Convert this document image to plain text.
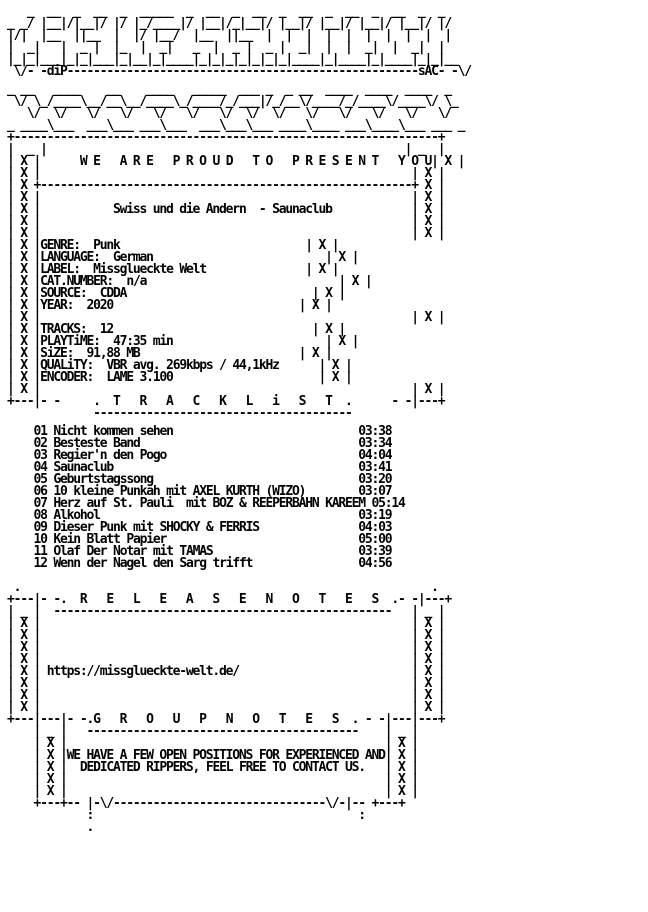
_  __  _  __  _  _____  _  __  _  __  _  __  _  __  _  __  _  _
_ _/ |__|/|__|/ |/ |_/____|/ |__|/_|__|/ |__|/ |__|/ |__|/ |__|/ |/
|/|  |__  ||__  |  |/ |__/  |__  ||__  |  |  |  |  |  |  |  |  |  |
|  _|   |  _ |  |_  |  _|   _  |  _ |  _ |  _|  |  |  _|  |  _|  |
|_|_|___|_|_|___|_|__|_|____|_|_|_|_|_|_|_|____|_|____|_|____|_|_|__
\/- -diP-----------------------------------------------------sAC- -\/
_ __   ____    __    ____   _____  ___ _  _ __  ____  ____  ____  _
\/ \_/____\__/__\__/____\_/____/_/___|/_/__\/____/_/____\/____\/ \_
\/  \/   \/   \/   \/   \/   \/  \/  \/   \/   \/   \/   \/   \/
_ ____\___  ___\___ ___\___  ___\___\___ ____\____ ___\____\___ ___ _
+----------------------------------------------------------------+
|  _ |                                                      | _  |
| X |      W E   A R E   P R O U D   T O   P R E S E N T   Y O U| X |
| X |                                                        | X |
| X +--------------------------------------------------------+ X |
| X |                                                        | X |
| X |           Swiss und die Andern  - Saunaclub            | X |
| X |                                                        | X |
| X |                                                        | X |
| X |GENRE: Punk                            | X |
| X |LANGUAGE: German                          | X |
| X |LABEL: Missglueckte Welt               | X |
| X |CAT.NUMBER: n/a                             | X |
| X |SOURCE: CDDA                            | X |
| X |YEAR: 2020                            | X |
| X |                                                        | X |
| X |TRACKS: 12                              | X |
| X |PLAYTiME: 47:35 min                       | X |
| X |SiZE: 91,88 MB                        | X |
| X |QUALiTY: VBR avg. 269kbps / 44,1kHz      | X |
| X |ENCODER: LAME 3.100                      | X |
| X |                                                        | X |
+---|- -     .  T   R   A   C   K   L   i   S   T  .      - -|---+
---------------------------------------
01 Nicht kommen sehen	03:38
02 Besteste Band	03:34
03 Regier'n den Pogo	04:04
04 Saunaclub	03:41
05 Geburtstagssong	03:20
06 10 kleine Punkah mit AXEL KURTH (WIZO)	03:07
07 Herz auf St. Pauli  mit BOZ & REEPERBAHN KAREEM 05:14
08 Alkohol	03:19
09 Dieser Punk mit SHOCKY & FERRIS	04:03
10 Kein Blatt Papier	05:00
11 Olaf Der Notar mit TAMAS	03:39
12 Wenn der Nagel den Sarg trifft	04:56
.                                                              .
+---|- -.  R   E   L   E   A   S   E   N   O   T   E   S  .- -|---+
| _ |  ---------------------------------------------------   | _ |
| X |                                                        | X |
| X |                                                        | X |
| X |                                                        | X |
| X |                                                        | X |
| X | https://missglueckte-welt.de/                          | X |
| X |                                                        | X |
| X |                                                        | X |
| X |                                                        | X |
+---|---|- -.G   R   O   U   P   N   O   T   E   S  . - -|---|---+
| _ |   -----------------------------------------    | _ |
| X |                                                | X |
| X |WE HAVE A FEW OPEN POSITIONS FOR EXPERIENCED AND| X |
| X |  DEDICATED RIPPERS, FEEL FREE TO CONTACT US.   | X |
| X |                                                | X |
| X |                                                | X |
+---+-- |-\/--------------------------------\/-|-- +---+
:                                        :
.
